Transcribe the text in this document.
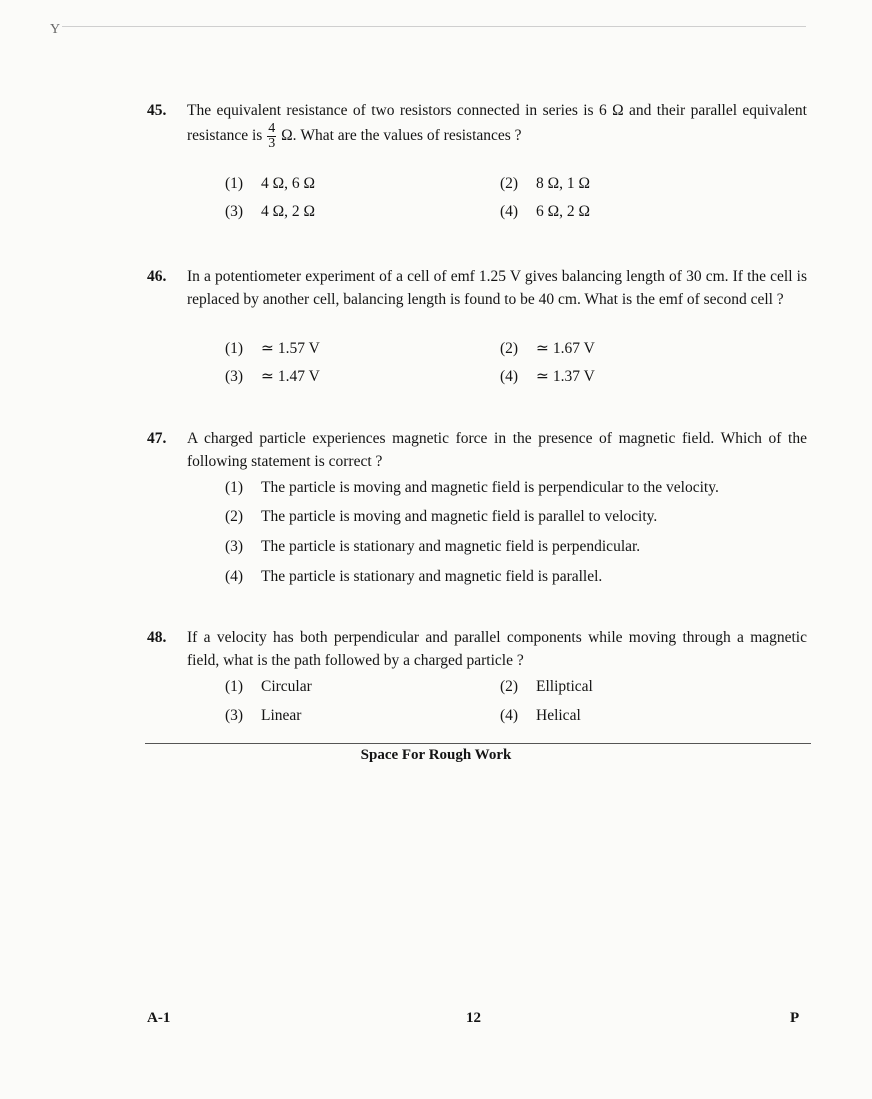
Y
45. The equivalent resistance of two resistors connected in series is 6 Ω and their parallel equivalent resistance is $\frac{4}{3} \Omega$. What are the values of resistances ?
(1) 4 Ω, 6 Ω	(2) 8 Ω, 1 Ω
(3) 4 Ω, 2 Ω	(4) 6 Ω, 2 Ω
46. In a potentiometer experiment of a cell of emf 1.25 V gives balancing length of 30 cm. If the cell is replaced by another cell, balancing length is found to be 40 cm. What is the emf of second cell ?
(1) ≃ 1.57 V	(2) ≃ 1.67 V
(3) ≃ 1.47 V	(4) ≃ 1.37 V
47. A charged particle experiences magnetic force in the presence of magnetic field. Which of the following statement is correct ?
(1) The particle is moving and magnetic field is perpendicular to the velocity.
(2) The particle is moving and magnetic field is parallel to velocity.
(3) The particle is stationary and magnetic field is perpendicular.
(4) The particle is stationary and magnetic field is parallel.
48. If a velocity has both perpendicular and parallel components while moving through a magnetic field, what is the path followed by a charged particle ?
(1) Circular	(2) Elliptical
(3) Linear	(4) Helical
Space For Rough Work
A-1	12	P
